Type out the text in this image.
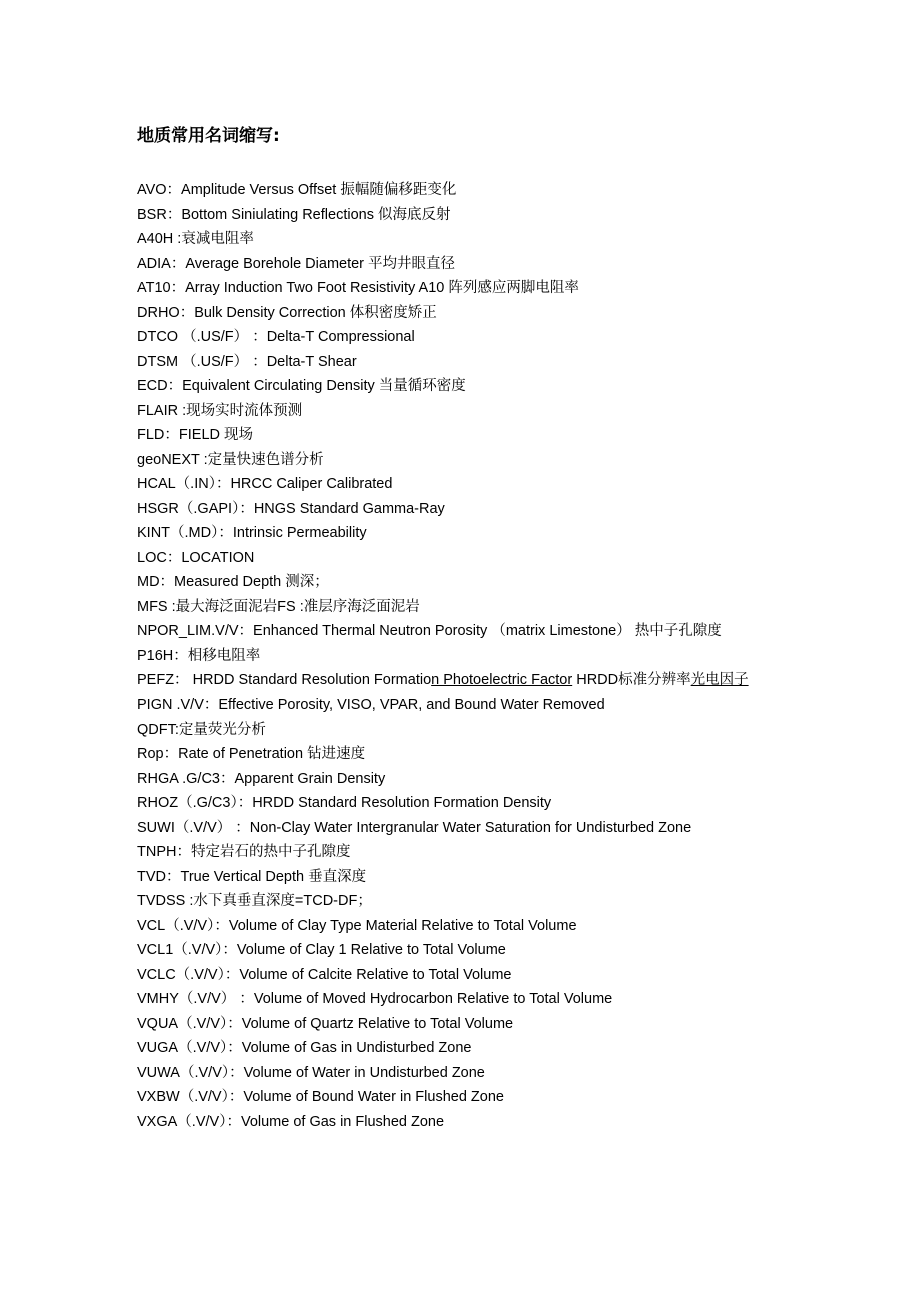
地质常用名词缩写:
AVO：Amplitude Versus Offset 振幅随偏移距变化
BSR：Bottom Siniulating Reflections 似海底反射
A40H :衰减电阻率
ADIA：Average Borehole Diameter 平均井眼直径
AT10：Array Induction Two Foot Resistivity A10 阵列感应两脚电阻率
DRHO：Bulk Density Correction 体积密度矫正
DTCO （.US/F） ：Delta-T Compressional
DTSM （.US/F） ：Delta-T Shear
ECD：Equivalent Circulating Density 当量循环密度
FLAIR :现场实时流体预测
FLD：FIELD 现场
geoNEXT :定量快速色谱分析
HCAL（.IN）：HRCC Caliper Calibrated
HSGR（.GAPI）：HNGS Standard Gamma-Ray
KINT（.MD）：Intrinsic Permeability
LOC：LOCATION
MD：Measured Depth 测深；
MFS :最大海泛面泥岩FS :准层序海泛面泥岩
NPOR_LIM.V/V：Enhanced Thermal Neutron Porosity （matrix Limestone） 热中子孔隙度
P16H：相移电阻率
PEFZ： HRDD Standard Resolution Formation Photoelectric Factor HRDD标准分辨率光电因子
PIGN .V/V：Effective Porosity, VISO, VPAR, and Bound Water Removed
QDFT:定量荧光分析
Rop：Rate of Penetration 钻进速度
RHGA .G/C3：Apparent Grain Density
RHOZ（.G/C3）：HRDD Standard Resolution Formation Density
SUWI（.V/V） ：Non-Clay Water Intergranular Water Saturation for Undisturbed Zone
TNPH：特定岩石的热中子孔隙度
TVD：True Vertical Depth 垂直深度
TVDSS :水下真垂直深度=TCD-DF；
VCL（.V/V）：Volume of Clay Type Material Relative to Total Volume
VCL1（.V/V）：Volume of Clay 1 Relative to Total Volume
VCLC（.V/V）：Volume of Calcite Relative to Total Volume
VMHY（.V/V） ：Volume of Moved Hydrocarbon Relative to Total Volume
VQUA（.V/V）：Volume of Quartz Relative to Total Volume
VUGA（.V/V）：Volume of Gas in Undisturbed Zone
VUWA（.V/V）：Volume of Water in Undisturbed Zone
VXBW（.V/V）：Volume of Bound Water in Flushed Zone
VXGA（.V/V）：Volume of Gas in Flushed Zone
